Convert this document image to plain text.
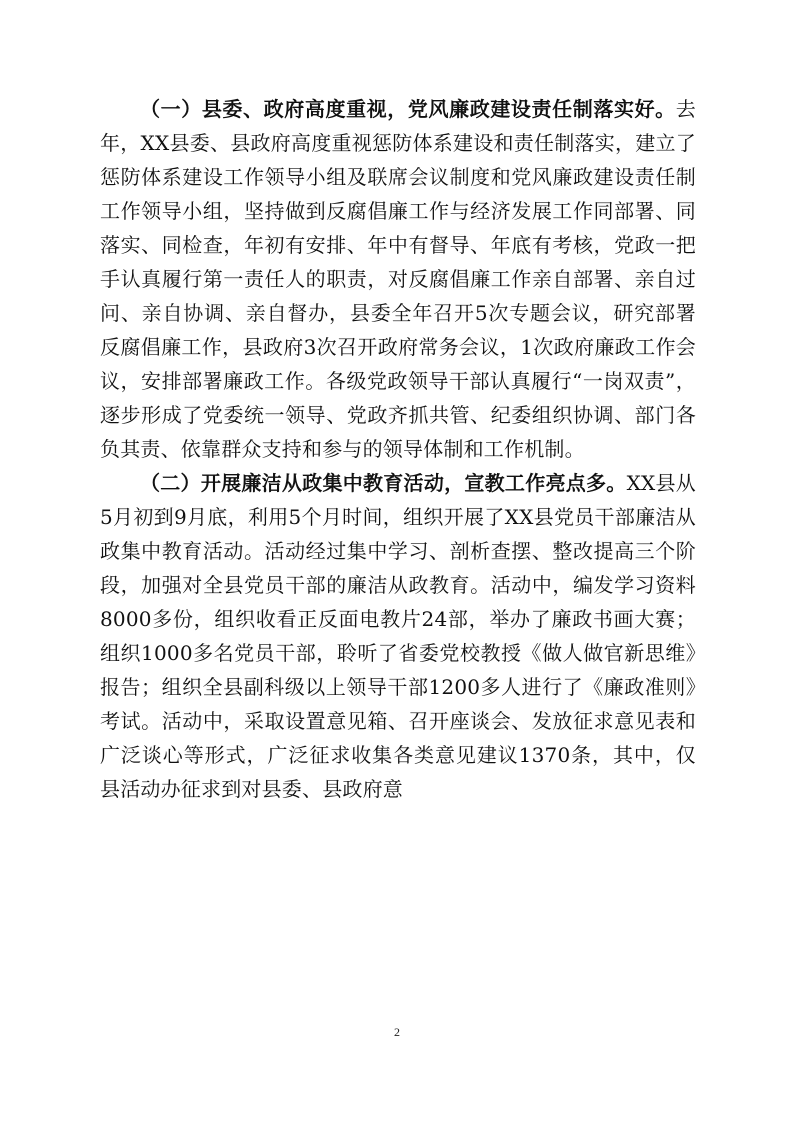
（一）县委、政府高度重视，党风廉政建设责任制落实好。去年，XX县委、县政府高度重视惩防体系建设和责任制落实，建立了惩防体系建设工作领导小组及联席会议制度和党风廉政建设责任制工作领导小组，坚持做到反腐倡廉工作与经济发展工作同部署、同落实、同检查，年初有安排、年中有督导、年底有考核，党政一把手认真履行第一责任人的职责，对反腐倡廉工作亲自部署、亲自过问、亲自协调、亲自督办，县委全年召开5次专题会议，研究部署反腐倡廉工作，县政府3次召开政府常务会议，1次政府廉政工作会议，安排部署廉政工作。各级党政领导干部认真履行“一岗双责”，逐步形成了党委统一领导、党政齐抓共管、纪委组织协调、部门各负其责、依靠群众支持和参与的领导体制和工作机制。

（二）开展廉洁从政集中教育活动，宣教工作亮点多。XX县从5月初到9月底，利用5个月时间，组织开展了XX县党员干部廉洁从政集中教育活动。活动经过集中学习、剖析查摆、整改提高三个阶段，加强对全县党员干部的廉洁从政教育。活动中，编发学习资料8000多份，组织收看正反面电教片24部，举办了廉政书画大赛；组织1000多名党员干部，聆听了省委党校教授《做人做官新思维》报告；组织全县副科级以上领导干部1200多人进行了《廉政准则》考试。活动中，采取设置意见箱、召开座谈会、发放征求意见表和广泛谈心等形式，广泛征求收集各类意见建议1370条，其中，仅县活动办征求到对县委、县政府意

2
